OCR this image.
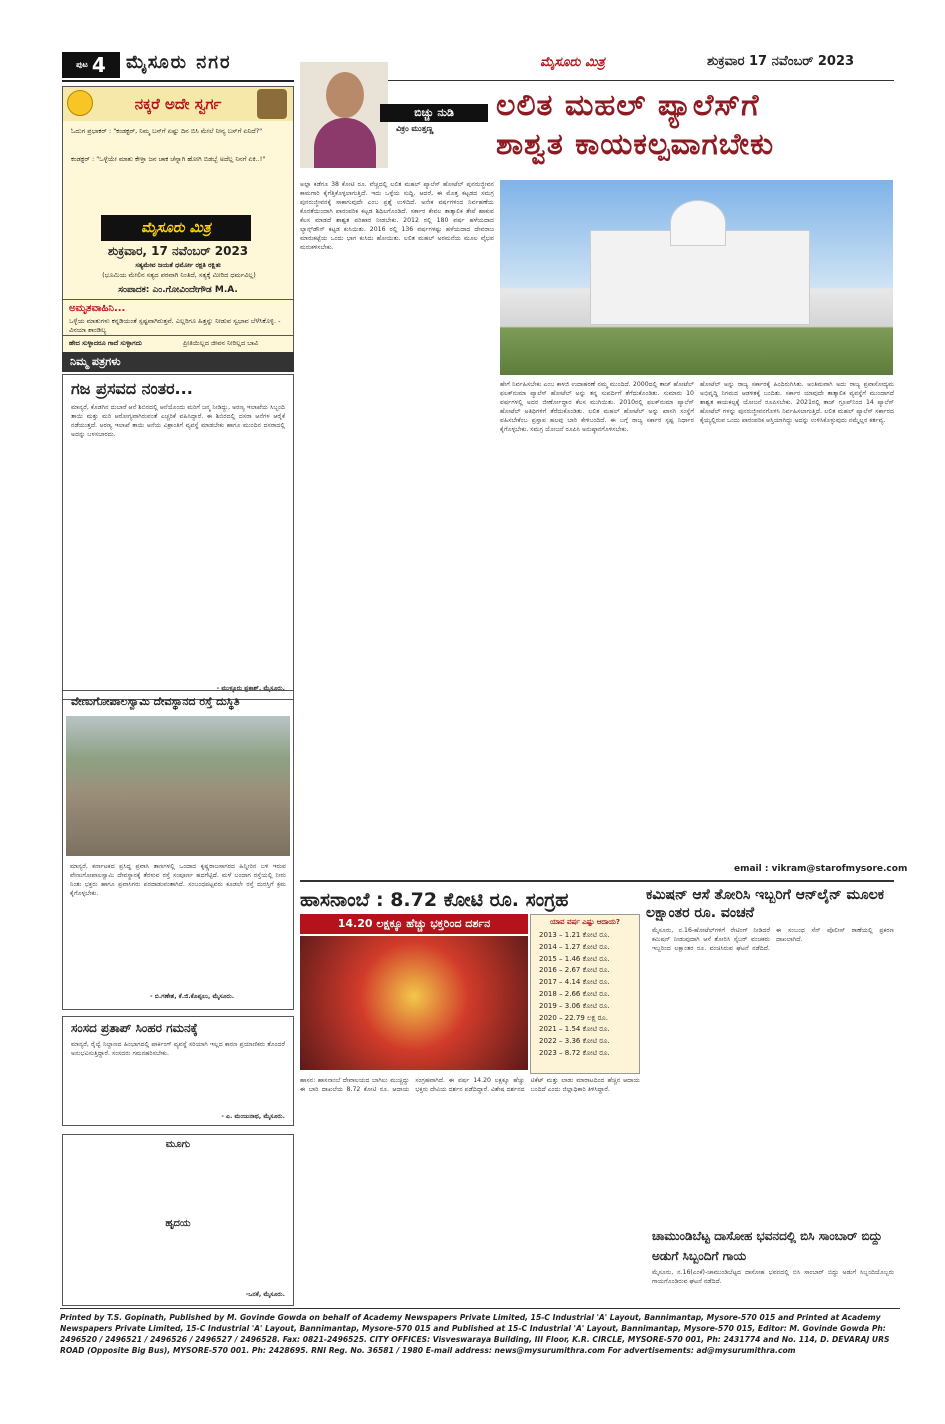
ಪುಟ 4 ಮೈಸೂರು ನಗರ	ಮೈಸೂರು ಮಿತ್ರ	ಶುಕ್ರವಾರ 17 ನವೆಂಬರ್ 2023
ನಕ್ಕರೆ ಅದೇ ಸ್ವರ್ಗ
ಓದುಗ ಪ್ರಭಾಕರ್ : "ಕಂಡಕ್ಟರ್, ನಿಮ್ಮ ಬಸ್‌ಗೆ ಏಷ್ಟು ದಿನ ಬಿಸಿ ಮೇಲೆ ನೀನ್ಯ ಬಸ್‌ಗೆ ಏನಿದೆ?"
ಕಂಡಕ್ಟರ್ : "ಒಳ್ಳೆಯೇ ಮಾತು ಕೇಳ್ತಾ ಜನ ಚಾಕ ಚೆನ್ನಾಗಿ ಹೋಗಿ ಬಿಡಬ್ಬೆ ಅದೆಲ್ಲ ನಿನಗೆ ಏಕಿ..!"
ಮೈಸೂರು ಮಿತ್ರ
ಶುಕ್ರವಾರ, 17 ನವೆಂಬರ್ 2023
ಸತ್ಯಮೇವ ಜಯತೆ ಧರ್ಮೋ ರಕ್ಷತಿ ರಕ್ಷಿತಃ
(ಭೂಮಿಯ ಮೇಲಿನ ಸತ್ಯದ ಪರವಾಗಿ ನಿಂತಿದೆ, ಸತ್ಯಕ್ಕೆ ಮೀರಿದ ಧರ್ಮವಿಲ್ಲ)
ಸಂಪಾದಕ: ಎಂ.ಗೋವಿಂದೇಗೌಡ M.A.
ಅಮೃತವಾಹಿನಿ...
ಒಳ್ಳೆಯ ಮಾತುಗಳು ಕನ್ನಡಿಯಂತೆ ಸ್ಪಷ್ಟವಾಗಿರುತ್ತವೆ. ಎಲ್ಲರಿಗೂ ಹಿತ್ತನ್ನು ನೀಡುವ ಸ್ವಭಾವ ಬೆಳೆಸಿಕೊಳ್ಳಿ. - ವಿನಯಾ ಶಾಂಡಿಲ್ಯ
ಹೇದ ಸುಳ್ಳಾದರೂ ಗಾದೆ ಸುಳ್ಳಾಗದು	ಪ್ರೀತಿಯಿಲ್ಲದ ಜೀವನ ನೀರಿಲ್ಲದ ಬಾವಿ
ನಿಮ್ಮ ಪತ್ರಗಳು
ಗಜ ಪ್ರಸವದ ನಂತರ...
ಮಾನ್ಯರೆ, ಕೊಡಗಿನ ದುಬಾರೆ ಆನೆ ಶಿಬಿರದಲ್ಲಿ ಆನೆಯೊಂದು ಮರಿಗೆ ಜನ್ಮ ನೀಡಿದ್ದು, ಅರಣ್ಯ ಇಲಾಖೆಯ ಸಿಬ್ಬಂದಿ ತಾಯಿ ಮತ್ತು ಮರಿ ಆರೋಗ್ಯವಾಗಿರುವಂತೆ ಎಚ್ಚರಿಕೆ ವಹಿಸಿದ್ದಾರೆ. ಈ ಶಿಬಿರದಲ್ಲಿ ದಸರಾ ಆನೆಗಳ ಆರೈಕೆ ನಡೆಯುತ್ತದೆ. ಅರಣ್ಯ ಇಲಾಖೆ ತಾಯಿ ಆನೆಯ ವಿಶ್ರಾಂತಿಗೆ ವ್ಯವಸ್ಥೆ ಮಾಡಬೇಕು ಹಾಗೂ ಮುಂದಿನ ದಸರಾದಲ್ಲಿ ಅದನ್ನು ಬಳಸಬಾರದು.
- ಮುಳ್ಳೂರು ಪ್ರಕಾಶ್, ಮೈಸೂರು.
ವೇಣುಗೋಪಾಲಸ್ವಾಮಿ ದೇವಸ್ಥಾನದ ರಸ್ತೆ ದುಸ್ಥಿತಿ
ಮಾನ್ಯರೆ, ಕರ್ನಾಟಕದ ಪ್ರಸಿದ್ಧ ಪ್ರವಾಸಿ ತಾಣಗಳಲ್ಲಿ ಒಂದಾದ ಕೃಷ್ಣರಾಜಸಾಗರದ ಹಿನ್ನೀರಿನ ಬಳಿ ಇರುವ ವೇಣುಗೋಪಾಲಸ್ವಾಮಿ ದೇವಸ್ಥಾನಕ್ಕೆ ತೆರಳುವ ರಸ್ತೆ ಸಂಪೂರ್ಣ ಹದಗೆಟ್ಟಿದೆ. ಮಳೆ ಬಂದಾಗ ರಸ್ತೆಯಲ್ಲಿ ನೀರು ನಿಂತು ಭಕ್ತರು ಹಾಗೂ ಪ್ರವಾಸಿಗರು ಪರದಾಡುವಂತಾಗಿದೆ. ಸಂಬಂಧಪಟ್ಟವರು ಕೂಡಲೇ ರಸ್ತೆ ದುರಸ್ತಿಗೆ ಕ್ರಮ ಕೈಗೊಳ್ಳಬೇಕು.
- ಬಿ.ಗಣೇಶ, ಕೆ.ಜಿ.ಕೊಪ್ಪಲು, ಮೈಸೂರು.
ಸಂಸದ ಪ್ರತಾಪ್ ಸಿಂಹರ ಗಮನಕ್ಕೆ
ಮಾನ್ಯರೆ, ರೈಲ್ವೆ ನಿಲ್ದಾಣದ ಹಿಂಭಾಗದಲ್ಲಿ ಪಾರ್ಕಿಂಗ್ ವ್ಯವಸ್ಥೆ ಸರಿಯಾಗಿ ಇಲ್ಲದ ಕಾರಣ ಪ್ರಯಾಣಿಕರು ತೊಂದರೆ ಅನುಭವಿಸುತ್ತಿದ್ದಾರೆ. ಸಂಸದರು ಗಮನಹರಿಸಬೇಕು.
- ಎ. ಮಂಜುನಾಥ, ಮೈಸೂರು.
ಮೂಗು
ಹೃದಯ
-ಒನಕೆ, ಮೈಸೂರು.
ಬಿಚ್ಚು ನುಡಿ
ವಿಕ್ರಂ ಮುತ್ತಣ್ಣ
ಲಲಿತ ಮಹಲ್ ಪ್ಯಾಲೆಸ್‌ಗೆ
ಶಾಶ್ವತ ಕಾಯಕಲ್ಪವಾಗಬೇಕು
ಅಲ್ಲಾ ಕಡೆಗೂ 38 ಕೋಟಿ ರೂ. ವೆಚ್ಚದಲ್ಲಿ ಲಲಿತ ಮಹಲ್ ಪ್ಯಾಲೆಸ್ ಹೋಟೆಲ್ ಪುನರುಜ್ಜೀವನ ಕಾಮಗಾರಿ ಕೈಗೆತ್ತಿಕೊಳ್ಳಲಾಗುತ್ತಿದೆ. ಇದು ಒಳ್ಳೆಯ ಸುದ್ದಿ. ಆದರೆ, ಈ ಮೊತ್ತ ಕಟ್ಟಡದ ಸಮಗ್ರ ಪುನರುಜ್ಜೀವನಕ್ಕೆ ಸಾಕಾಗುವುದೇ ಎಂಬ ಪ್ರಶ್ನೆ ಉಳಿದಿದೆ. ಅನೇಕ ವರ್ಷಗಳಿಂದ ನಿರ್ವಹಣೆಯ ಕೊರತೆಯಿಂದಾಗಿ ಪಾರಂಪರಿಕ ಕಟ್ಟಡ ಶಿಥಿಲಗೊಂಡಿದೆ. ಸರ್ಕಾರ ಕೇವಲ ತಾತ್ಕಾಲಿಕ ತೇಪೆ ಹಾಕುವ ಕೆಲಸ ಮಾಡದೆ ಶಾಶ್ವತ ಪರಿಹಾರ ನೀಡಬೇಕು. 2012 ರಲ್ಲಿ 180 ವರ್ಷ ಹಳೆಯದಾದ ಲ್ಯಾನ್ಸ್‌ಡೌನ್ ಕಟ್ಟಡ ಕುಸಿಯಿತು. 2016 ರಲ್ಲಿ 136 ವರ್ಷಗಳಷ್ಟು ಹಳೆಯದಾದ ದೇವರಾಜ ಮಾರುಕಟ್ಟೆಯ ಒಂದು ಭಾಗ ಕುಸಿದು ಹೋಯಿತು. ಲಲಿತ ಮಹಲ್ ಅರಮನೆಯ ಮೂಲ ವೈಭವ ಮರುಕಳಿಸಬೇಕು.
ಹೇಗೆ ನಿರ್ವಹಿಸಬೇಕು ಎಂಬ ಕಾಳಜಿ ಉದಾಹರಣೆ ನಮ್ಮ ಮುಂದಿದೆ. 2000ದಲ್ಲಿ ತಾಜ್ ಹೋಟೆಲ್ ಫಲಕ್‌ನುಮಾ ಪ್ಯಾಲೆಸ್ ಹೋಟೆಲ್ ಅನ್ನು ತನ್ನ ಸುಪರ್ದಿಗೆ ತೆಗೆದುಕೊಂಡಿತು. ಸುಮಾರು 10 ವರ್ಷಗಳಲ್ಲಿ ಅದರ ಜೀರ್ಣೋದ್ಧಾರ ಕೆಲಸ ಮುಗಿಯಿತು. 2010ರಲ್ಲಿ ಫಲಕ್‌ನುಮಾ ಪ್ಯಾಲೆಸ್ ಹೋಟೆಲ್ ಅತಿಥಿಗಳಿಗೆ ತೆರೆದುಕೊಂಡಿತು. ಲಲಿತ ಮಹಲ್ ಹೋಟೆಲ್ ಅನ್ನು ಖಾಸಗಿ ಸಂಸ್ಥೆಗೆ ವಹಿಸಬೇಕೆಂಬ ಪ್ರಸ್ತಾಪ ಹಲವು ಬಾರಿ ಕೇಳಿಬಂದಿದೆ. ಈ ಬಗ್ಗೆ ರಾಜ್ಯ ಸರ್ಕಾರ ಸ್ಪಷ್ಟ ನಿರ್ಧಾರ ಕೈಗೊಳ್ಳಬೇಕು. ಸಮಗ್ರ ಯೋಜನೆ ರೂಪಿಸಿ ಅನುಷ್ಠಾನಗೊಳಿಸಬೇಕು.
ಹೋಟೆಲ್ ಅನ್ನು ರಾಜ್ಯ ಸರ್ಕಾರಕ್ಕೆ ಹಿಂದಿರುಗಿಸಿತು. ಅಂತಿಮವಾಗಿ ಅದು ರಾಜ್ಯ ಪ್ರವಾಸೋದ್ಯಮ ಅಭಿವೃದ್ಧಿ ನಿಗಮದ ಆಡಳಿತಕ್ಕೆ ಬಂದಿತು. ಸರ್ಕಾರ ಯಾವುದೇ ತಾತ್ಕಾಲಿಕ ವ್ಯವಸ್ಥೆಗೆ ಮುಂದಾಗದೆ ಶಾಶ್ವತ ಕಾಯಕಲ್ಪಕ್ಕೆ ಯೋಜನೆ ರೂಪಿಸಬೇಕು. 2021ರಲ್ಲಿ ತಾಜ್ ಗ್ರೂಪ್‌ನಿಂದ 14 ಪ್ಯಾಲೆಸ್ ಹೋಟೆಲ್ ಗಳನ್ನು ಪುನರುಜ್ಜೀವನಗೊಳಿಸಿ ನಿರ್ವಹಿಸಲಾಗುತ್ತಿದೆ. ಲಲಿತ ಮಹಲ್ ಪ್ಯಾಲೆಸ್ ಸರ್ಕಾರದ ಕೈಯ್ಯಲ್ಲಿರುವ ಒಂದು ಪಾರಂಪರಿಕ ಆಸ್ತಿಯಾಗಿದ್ದು ಅದನ್ನು ಉಳಿಸಿಕೊಳ್ಳುವುದು ನಮ್ಮೆಲ್ಲರ ಕರ್ತವ್ಯ.
email : vikram@starofmysore.com
ಹಾಸನಾಂಬೆ : 8.72 ಕೋಟಿ ರೂ. ಸಂಗ್ರಹ
14.20 ಲಕ್ಷಕ್ಕೂ ಹೆಚ್ಚು ಭಕ್ತರಿಂದ ದರ್ಶನ	ಯಾವ ವರ್ಷ ಎಷ್ಟು ಆದಾಯ?
2013 – 1.21 ಕೋಟಿ ರೂ.
2014 – 1.27 ಕೋಟಿ ರೂ.
2015 – 1.46 ಕೋಟಿ ರೂ.
2016 – 2.67 ಕೋಟಿ ರೂ.
2017 – 4.14 ಕೋಟಿ ರೂ.
2018 – 2.66 ಕೋಟಿ ರೂ.
2019 – 3.06 ಕೋಟಿ ರೂ.
2020 – 22.79 ಲಕ್ಷ ರೂ.
2021 – 1.54 ಕೋಟಿ ರೂ.
2022 – 3.36 ಕೋಟಿ ರೂ.
2023 – 8.72 ಕೋಟಿ ರೂ.
ಹಾಸನ: ಹಾಸನಾಂಬೆ ದೇವಾಲಯದ ಬಾಗಿಲು ಮುಚ್ಚಿದ್ದು ಈ ಬಾರಿ ದಾಖಲೆಯ 8.72 ಕೋಟಿ ರೂ. ಆದಾಯ ಸಂಗ್ರಹವಾಗಿದೆ. ಈ ವರ್ಷ 14.20 ಲಕ್ಷಕ್ಕೂ ಹೆಚ್ಚು ಭಕ್ತರು ದೇವಿಯ ದರ್ಶನ ಪಡೆದಿದ್ದಾರೆ. ವಿಶೇಷ ದರ್ಶನದ ಟಿಕೆಟ್ ಮತ್ತು ಲಾಡು ಮಾರಾಟದಿಂದ ಹೆಚ್ಚಿನ ಆದಾಯ ಬಂದಿದೆ ಎಂದು ಜಿಲ್ಲಾಧಿಕಾರಿ ತಿಳಿಸಿದ್ದಾರೆ.
ಕಮಿಷನ್ ಆಸೆ ತೋರಿಸಿ ಇಬ್ಬರಿಗೆ ಆನ್‌ಲೈನ್ ಮೂಲಕ ಲಕ್ಷಾಂತರ ರೂ. ವಂಚನೆ
ಮೈಸೂರು, ನ.16-ಹೋಟೆಲ್‌ಗಳಿಗೆ ರೇಟಿಂಗ್ ನೀಡಿದರೆ ಕಮಿಷನ್ ನೀಡುವುದಾಗಿ ಆಸೆ ತೋರಿಸಿ ಸೈಬರ್ ವಂಚಕರು ಇಬ್ಬರಿಂದ ಲಕ್ಷಾಂತರ ರೂ. ವಂಚಿಸಿರುವ ಘಟನೆ ನಡೆದಿದೆ. ಈ ಸಂಬಂಧ ಸೆನ್ ಪೊಲೀಸ್ ಠಾಣೆಯಲ್ಲಿ ಪ್ರಕರಣ ದಾಖಲಾಗಿದೆ.
ಚಾಮುಂಡಿಬೆಟ್ಟ ದಾಸೋಹ ಭವನದಲ್ಲಿ ಬಿಸಿ ಸಾಂಬಾರ್ ಬಿದ್ದು ಅಡುಗೆ ಸಿಬ್ಬಂದಿಗೆ ಗಾಯ
ಮೈಸೂರು, ನ.16(ಎಂಕೆ)-ಚಾಮುಂಡಿಬೆಟ್ಟದ ದಾಸೋಹ ಭವನದಲ್ಲಿ ಬಿಸಿ ಸಾಂಬಾರ್ ಬಿದ್ದು ಅಡುಗೆ ಸಿಬ್ಬಂದಿಯೊಬ್ಬರು ಗಾಯಗೊಂಡಿರುವ ಘಟನೆ ನಡೆದಿದೆ.
Printed by T.S. Gopinath, Published by M. Govinde Gowda on behalf of Academy Newspapers Private Limited, 15-C Industrial 'A' Layout, Bannimantap, Mysore-570 015 and Printed at Academy Newspapers Private Limited, 15-C Industrial 'A' Layout, Bannimantap, Mysore-570 015 and Published at 15-C Industrial 'A' Layout, Bannimantap, Mysore-570 015, Editor: M. Govinde Gowda Ph: 2496520 / 2496521 / 2496526 / 2496527 / 2496528. Fax: 0821-2496525. CITY OFFICES: Visveswaraya Building, III Floor, K.R. CIRCLE, MYSORE-570 001, Ph: 2431774 and No. 114, D. DEVARAJ URS ROAD (Opposite Big Bus), MYSORE-570 001. Ph: 2428695. RNI Reg. No. 36581 / 1980 E-mail address: news@mysurumithra.com For advertisements: ad@mysurumithra.com
